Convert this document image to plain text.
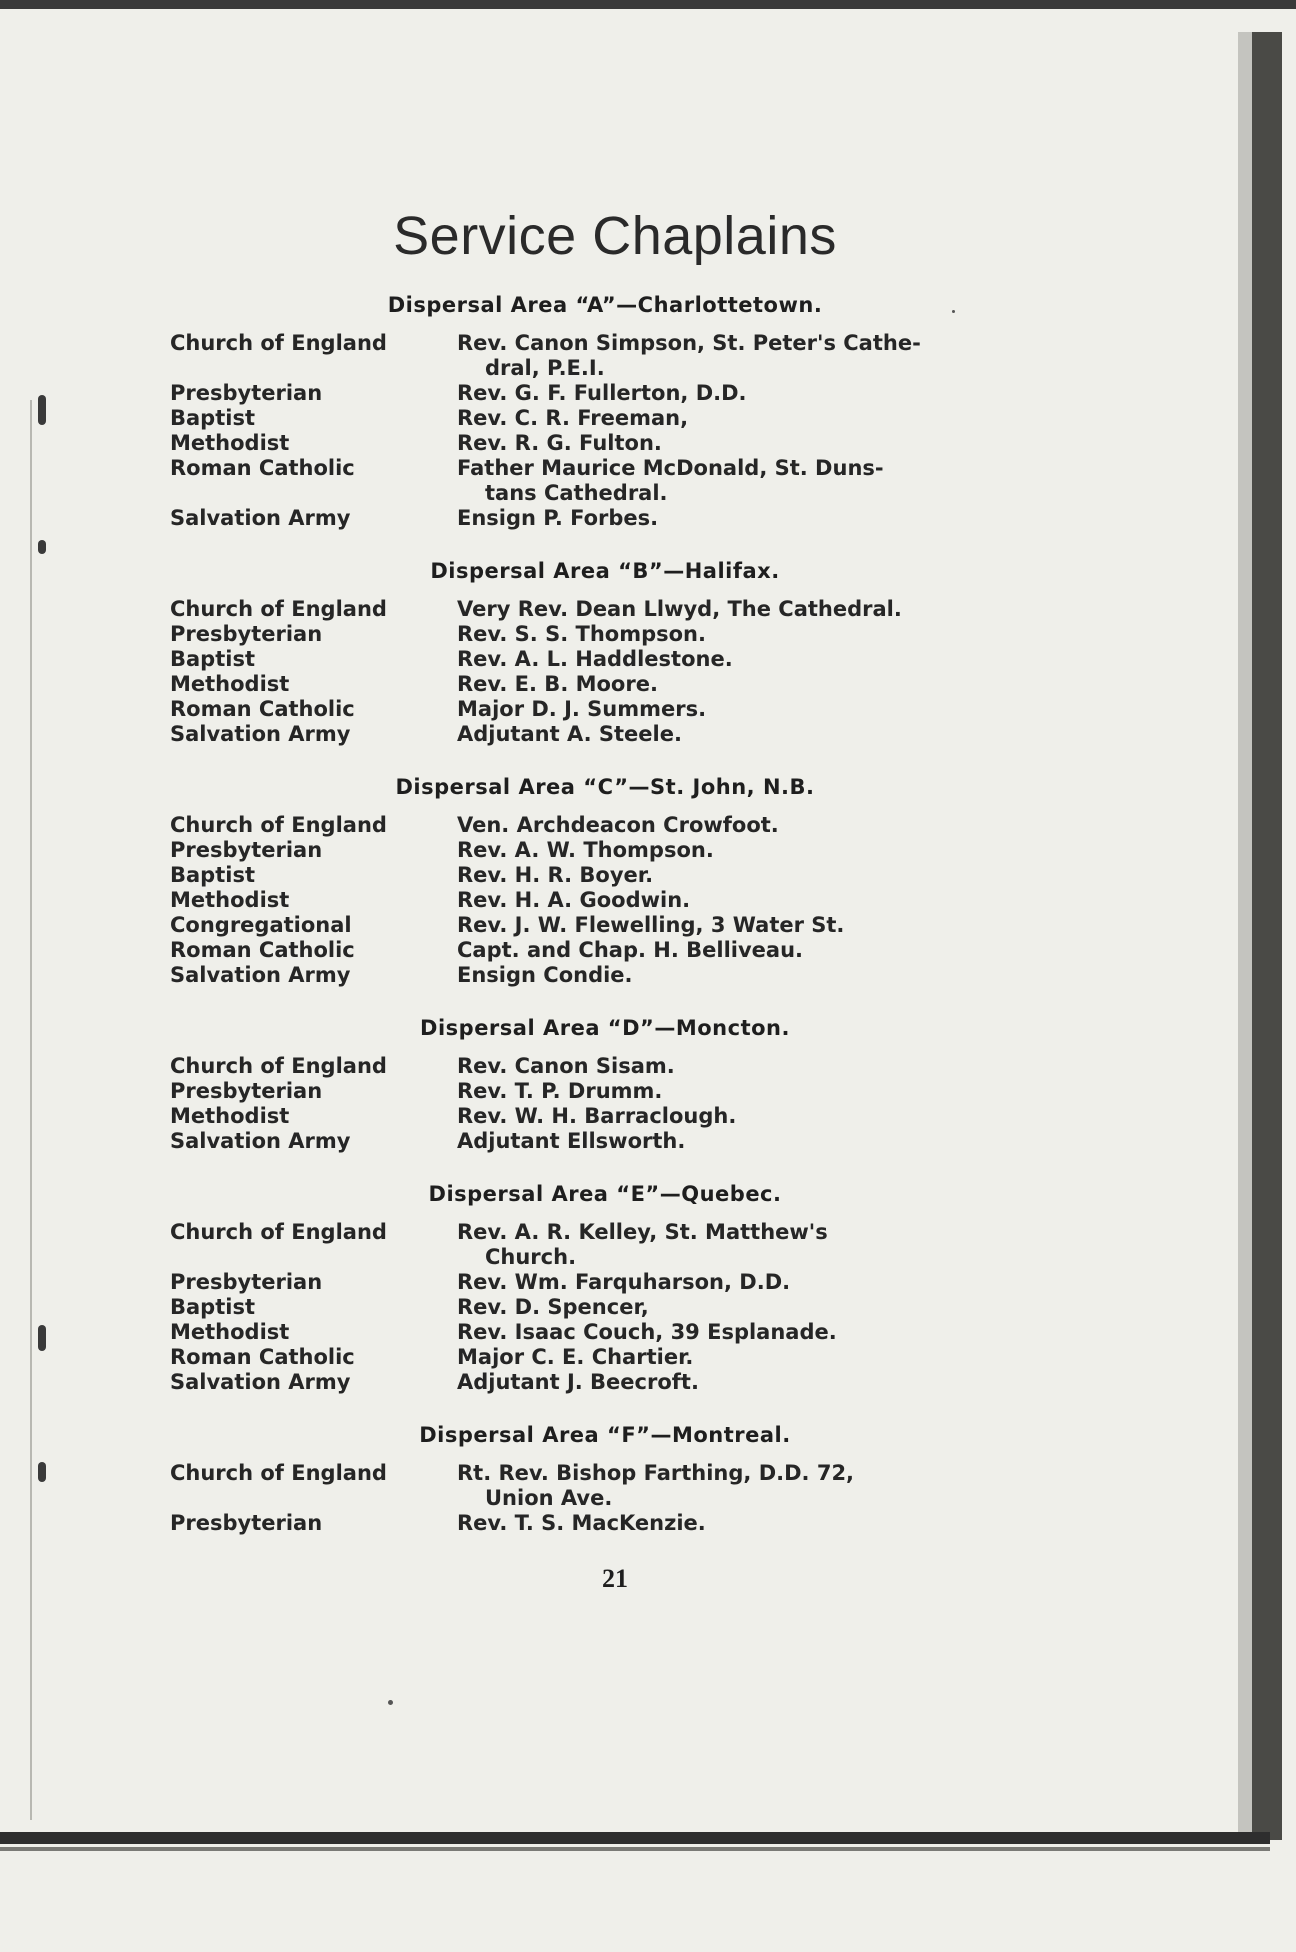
Service Chaplains
Dispersal Area “A”—Charlottetown.
Church of England	Rev. Canon Simpson, St. Peter's Cathe-
dral, P.E.I.
Presbyterian	Rev. G. F. Fullerton, D.D.
Baptist	Rev. C. R. Freeman,
Methodist	Rev. R. G. Fulton.
Roman Catholic	Father Maurice McDonald, St. Duns-
tans Cathedral.
Salvation Army	Ensign P. Forbes.
Dispersal Area “B”—Halifax.
Church of England	Very Rev. Dean Llwyd, The Cathedral.
Presbyterian	Rev. S. S. Thompson.
Baptist	Rev. A. L. Haddlestone.
Methodist	Rev. E. B. Moore.
Roman Catholic	Major D. J. Summers.
Salvation Army	Adjutant A. Steele.
Dispersal Area “C”—St. John, N.B.
Church of England	Ven. Archdeacon Crowfoot.
Presbyterian	Rev. A. W. Thompson.
Baptist	Rev. H. R. Boyer.
Methodist	Rev. H. A. Goodwin.
Congregational	Rev. J. W. Flewelling, 3 Water St.
Roman Catholic	Capt. and Chap. H. Belliveau.
Salvation Army	Ensign Condie.
Dispersal Area “D”—Moncton.
Church of England	Rev. Canon Sisam.
Presbyterian	Rev. T. P. Drumm.
Methodist	Rev. W. H. Barraclough.
Salvation Army	Adjutant Ellsworth.
Dispersal Area “E”—Quebec.
Church of England	Rev. A. R. Kelley, St. Matthew's
Church.
Presbyterian	Rev. Wm. Farquharson, D.D.
Baptist	Rev. D. Spencer,
Methodist	Rev. Isaac Couch, 39 Esplanade.
Roman Catholic	Major C. E. Chartier.
Salvation Army	Adjutant J. Beecroft.
Dispersal Area “F”—Montreal.
Church of England	Rt. Rev. Bishop Farthing, D.D. 72,
Union Ave.
Presbyterian	Rev. T. S. MacKenzie.
21
